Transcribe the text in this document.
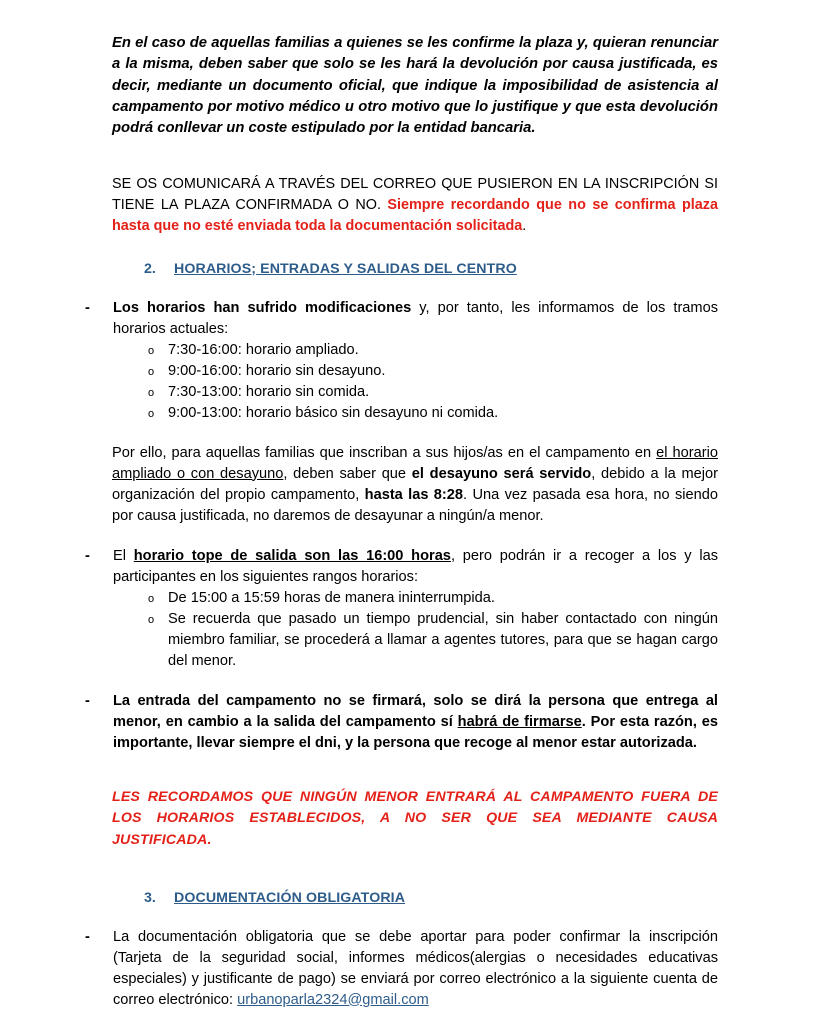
En el caso de aquellas familias a quienes se les confirme la plaza y, quieran renunciar a la misma, deben saber que solo se les hará la devolución por causa justificada, es decir, mediante un documento oficial, que indique la imposibilidad de asistencia al campamento por motivo médico u otro motivo que lo justifique y que esta devolución podrá conllevar un coste estipulado por la entidad bancaria.

SE OS COMUNICARÁ A TRAVÉS DEL CORREO QUE PUSIERON EN LA INSCRIPCIÓN SI TIENE LA PLAZA CONFIRMADA O NO. Siempre recordando que no se confirma plaza hasta que no esté enviada toda la documentación solicitada.

2.	HORARIOS; ENTRADAS Y SALIDAS DEL CENTRO
- Los horarios han sufrido modificaciones y, por tanto, les informamos de los tramos horarios actuales:
o 7:30-16:00: horario ampliado.
o 9:00-16:00: horario sin desayuno.
o 7:30-13:00: horario sin comida.
o 9:00-13:00: horario básico sin desayuno ni comida.

Por ello, para aquellas familias que inscriban a sus hijos/as en el campamento en el horario ampliado o con desayuno, deben saber que el desayuno será servido, debido a la mejor organización del propio campamento, hasta las 8:28. Una vez pasada esa hora, no siendo por causa justificada, no daremos de desayunar a ningún/a menor.

- El horario tope de salida son las 16:00 horas, pero podrán ir a recoger a los y las participantes en los siguientes rangos horarios:
o De 15:00 a 15:59 horas de manera ininterrumpida.
o Se recuerda que pasado un tiempo prudencial, sin haber contactado con ningún miembro familiar, se procederá a llamar a agentes tutores, para que se hagan cargo del menor.
- La entrada del campamento no se firmará, solo se dirá la persona que entrega al menor, en cambio a la salida del campamento sí habrá de firmarse. Por esta razón, es importante, llevar siempre el dni, y la persona que recoge al menor estar autorizada.

LES RECORDAMOS QUE NINGÚN MENOR ENTRARÁ AL CAMPAMENTO FUERA DE LOS HORARIOS ESTABLECIDOS, A NO SER QUE SEA MEDIANTE CAUSA JUSTIFICADA.

3.	DOCUMENTACIÓN OBLIGATORIA
- La documentación obligatoria que se debe aportar para poder confirmar la inscripción (Tarjeta de la seguridad social, informes médicos(alergias o necesidades educativas especiales) y justificante de pago) se enviará por correo electrónico a la siguiente cuenta de correo electrónico: urbanoparla2324@gmail.com
